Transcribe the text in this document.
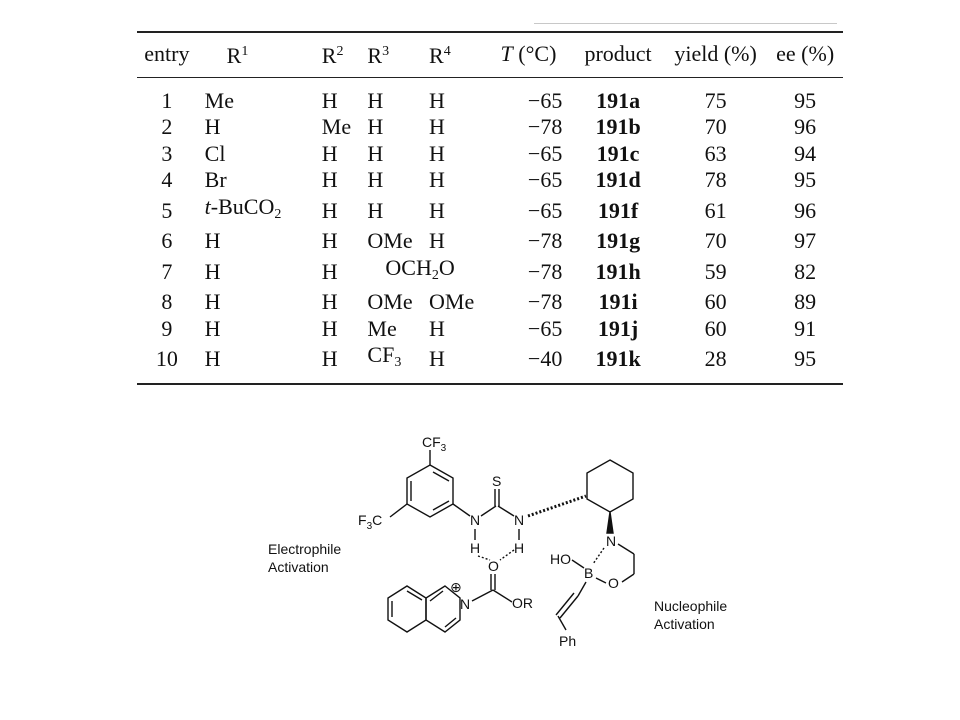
entry	$R^1$	$R^2$	$R^3$	$R^4$	T (°C)	product	yield (%)	ee (%)
1	Me	H	H	H	−65	191a	75	95
2	H	Me	H	H	−78	191b	70	96
3	Cl	H	H	H	−65	191c	63	94
4	Br	H	H	H	−65	191d	78	95
5	t-BuCO$_2$	H	H	H	−65	191f	61	96
6	H	H	OMe	H	−78	191g	70	97
7	H	H	$OCH_2O$		−78	191h	59	82
8	H	H	OMe	OMe	−78	191i	60	89
9	H	H	Me	H	−65	191j	60	91
10	H	H	$CF_3$	H	−40	191k	28	95
$CF_3$
$F_3C$	N
H
S
N
H	N
O
B
HO
Ph
O
OR
N
⊕
Electrophile
Activation
Nucleophile
Activation
